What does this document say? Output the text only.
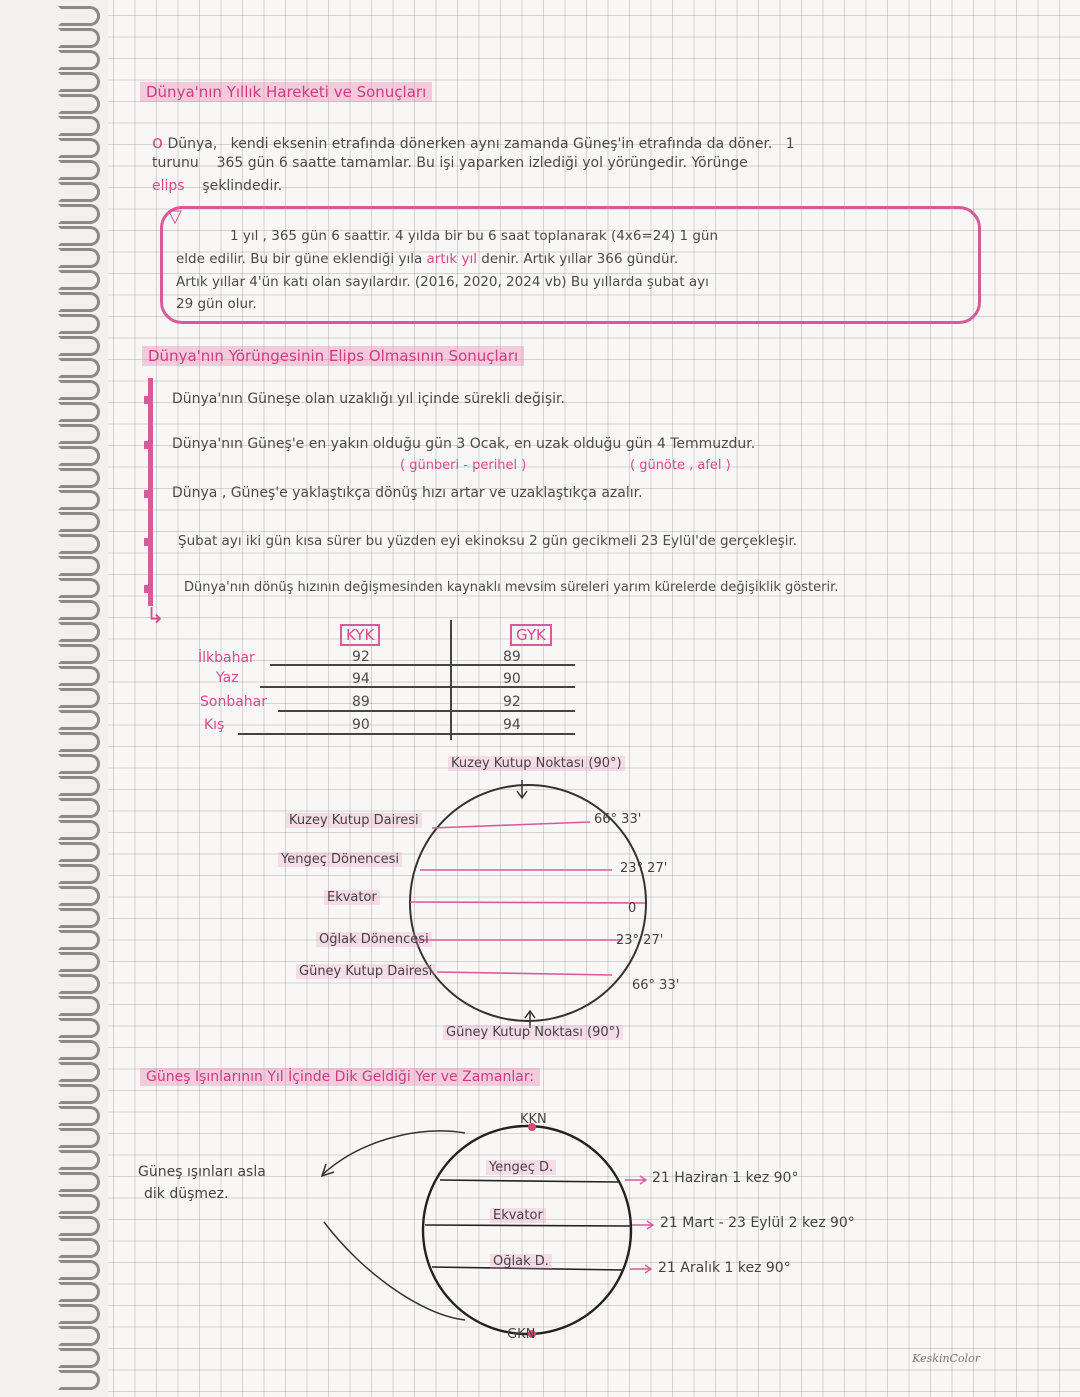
Dünya'nın Yıllık Hareketi ve Sonuçları
o Dünya, kendi eksenin etrafında dönerken aynı zamanda Güneş'in etrafında da döner. 1
turunu 365 gün 6 saatte tamamlar. Bu işi yaparken izlediği yol yörüngedir. Yörünge
elips şeklindedir.
▽
1 yıl , 365 gün 6 saattir. 4 yılda bir bu 6 saat toplanarak (4x6=24) 1 gün
elde edilir. Bu bir güne eklendiği yıla artık yıl denir. Artık yıllar 366 gündür.
Artık yıllar 4'ün katı olan sayılardır. (2016, 2020, 2024 vb) Bu yıllarda şubat ayı
29 gün olur.
Dünya'nın Yörüngesinin Elips Olmasının Sonuçları
Dünya'nın Güneşe olan uzaklığı yıl içinde sürekli değişir.
Dünya'nın Güneş'e en yakın olduğu gün 3 Ocak, en uzak olduğu gün 4 Temmuzdur.
( günberi - perihel )	( günöte , afel )
Dünya , Güneş'e yaklaştıkça dönüş hızı artar ve uzaklaştıkça azalır.
Şubat ayı iki gün kısa sürer bu yüzden eyi ekinoksu 2 gün gecikmeli 23 Eylül'de gerçekleşir.
Dünya'nın dönüş hızının değişmesinden kaynaklı mevsim süreleri yarım kürelerde değişiklik gösterir.
↳
KYK	GYK
İlkbahar
Yaz
Sonbahar
Kış
92
94
89
90
89
90
92
94
Kuzey Kutup Noktası (90°)
Güney Kutup Noktası (90°)
Kuzey Kutup Dairesi
Yengeç Dönencesi
Ekvator
Oğlak Dönencesi
Güney Kutup Dairesi
66° 33'
23° 27'
0
23° 27'
66° 33'
Güneş Işınlarının Yıl İçinde Dik Geldiği Yer ve Zamanlar:
KKN
GKN
Yengeç D.
Ekvator
Oğlak D.
21 Haziran 1 kez 90°
21 Mart - 23 Eylül 2 kez 90°
21 Aralık 1 kez 90°
Güneş ışınları asla
dik düşmez.
KeskinColor
